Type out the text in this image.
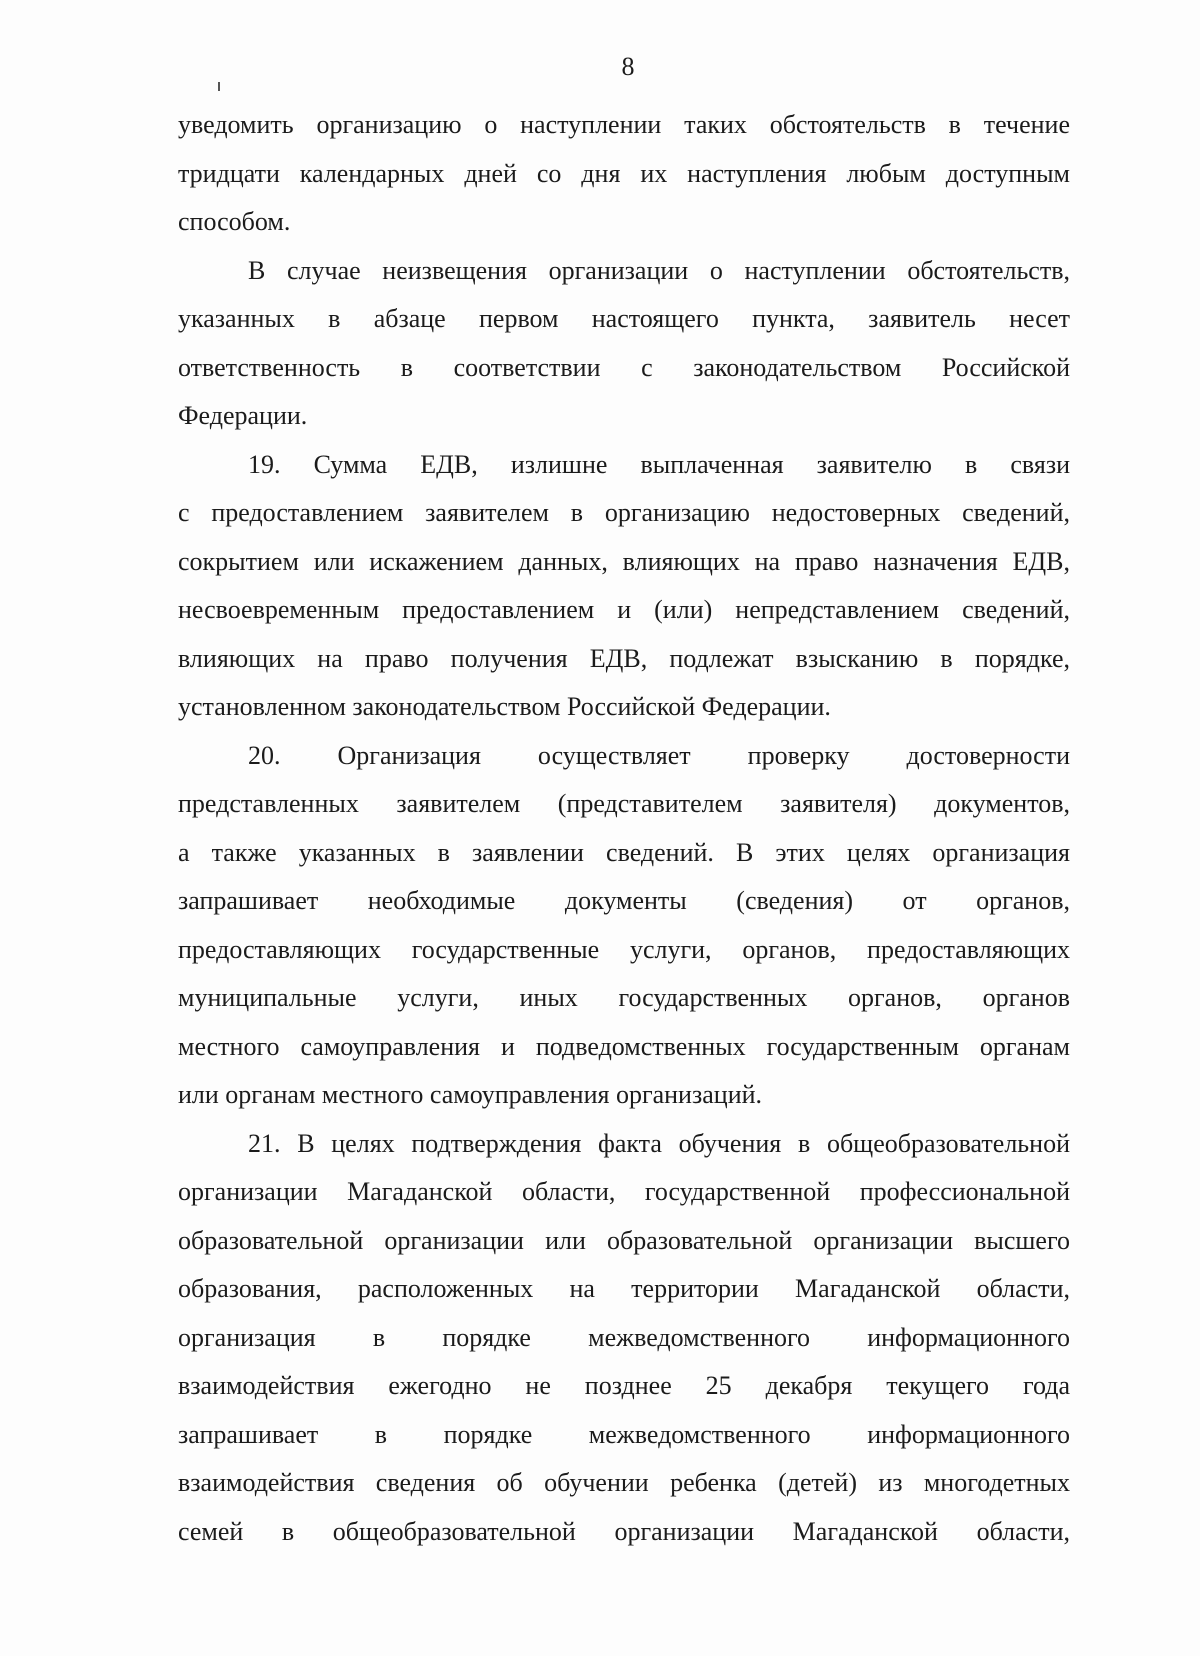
8
уведомить организацию о наступлении таких обстоятельств в течение
тридцати календарных дней со дня их наступления любым доступным
способом.
В случае неизвещения организации о наступлении обстоятельств,
указанных в абзаце первом настоящего пункта, заявитель несет
ответственность в соответствии с законодательством Российской
Федерации.
19. Сумма ЕДВ, излишне выплаченная заявителю в связи
с предоставлением заявителем в организацию недостоверных сведений,
сокрытием или искажением данных, влияющих на право назначения ЕДВ,
несвоевременным предоставлением и (или) непредставлением сведений,
влияющих на право получения ЕДВ, подлежат взысканию в порядке,
установленном законодательством Российской Федерации.
20. Организация осуществляет проверку достоверности
представленных заявителем (представителем заявителя) документов,
а также указанных в заявлении сведений. В этих целях организация
запрашивает необходимые документы (сведения) от органов,
предоставляющих государственные услуги, органов, предоставляющих
муниципальные услуги, иных государственных органов, органов
местного самоуправления и подведомственных государственным органам
или органам местного самоуправления организаций.
21. В целях подтверждения факта обучения в общеобразовательной
организации Магаданской области, государственной профессиональной
образовательной организации или образовательной организации высшего
образования, расположенных на территории Магаданской области,
организация в порядке межведомственного информационного
взаимодействия ежегодно не позднее 25 декабря текущего года
запрашивает в порядке межведомственного информационного
взаимодействия сведения об обучении ребенка (детей) из многодетных
семей в общеобразовательной организации Магаданской области,
